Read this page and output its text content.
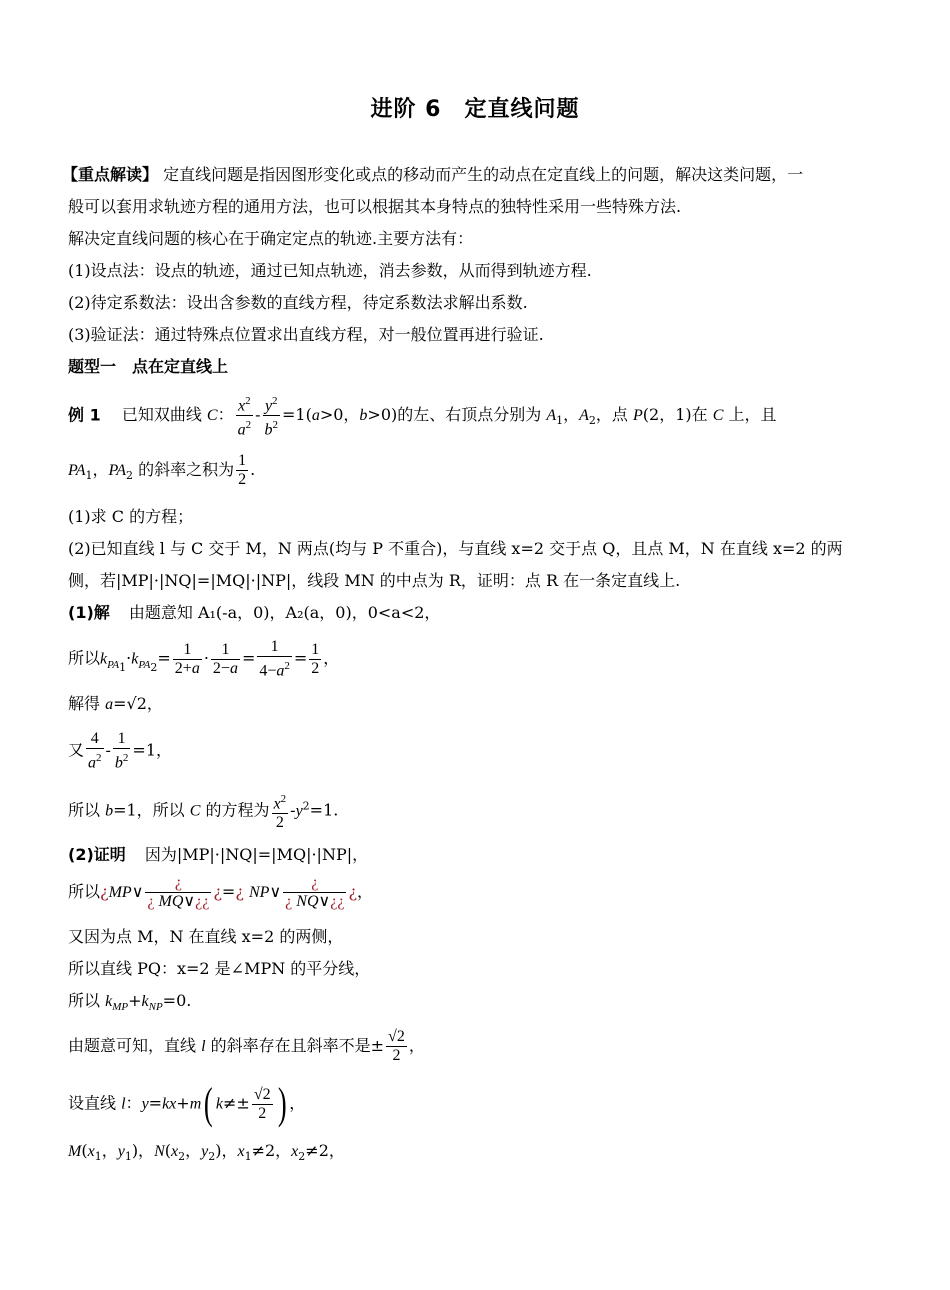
进阶 6　定直线问题
【重点解读】 定直线问题是指因图形变化或点的移动而产生的动点在定直线上的问题，解决这类问题，一
般可以套用求轨迹方程的通用方法，也可以根据其本身特点的独特性采用一些特殊方法.
解决定直线问题的核心在于确定定点的轨迹.主要方法有：
(1)设点法：设点的轨迹，通过已知点轨迹，消去参数，从而得到轨迹方程.
(2)待定系数法：设出含参数的直线方程，待定系数法求解出系数.
(3)验证法：通过特殊点位置求出直线方程，对一般位置再进行验证.
题型一　点在定直线上
例 1 　已知双曲线 C： $\frac{x^2}{a^2} - \frac{y^2}{b^2} =1(a>0$，b>0)的左、右顶点分别为 $A_1$，$A_2$，点 P(2，1)在 C 上，且
$PA_1$，$PA_2$ 的斜率之积为 $\frac{1}{2}$ .
(1)求 C 的方程；
(2)已知直线 l 与 C 交于 M，N 两点(均与 P 不重合)，与直线 x=2 交于点 Q，且点 M，N 在直线 x=2 的两
侧，若|MP|·|NQ|=|MQ|·|NP|，线段 MN 的中点为 R，证明：点 R 在一条定直线上.
(1)解 由题意知 A₁(-a，0)，A₂(a，0)，0<a<2，
所以$k_{PA_1}\cdot k_{PA_2}= \frac{1}{2+a} \cdot \frac{1}{2-a} = \frac{1}{4-a^2} = \frac{1}{2}$ ，
解得 a=√2，
又 $\frac{4}{a^2} - \frac{1}{b^2} =1$，
所以 b=1，所以 C 的方程为 $\frac{x^2}{2} -y^2=1$.
(2)证明 因为|MP|·|NQ|=|MQ|·|NP|，
所以¿MP∨ $\frac{¿}{¿ MQ\vee¿¿}$ ¿=¿ NP∨ $\frac{¿}{¿ NQ\vee¿¿}$ ¿，
又因为点 M，N 在直线 x=2 的两侧，
所以直线 PQ：x=2 是∠MPN 的平分线，
所以 $k_{MP}+k_{NP}=0$.
由题意可知，直线 l 的斜率存在且斜率不是± $\frac{√2}{2}$ ，
设直线 l：y=kx+m( $k\ne\pm \frac{√2}{2}$ ) ，
$M(x_1$，$y_1$)，$N(x_2$，$y_2$)，$x_1\ne 2$，$x_2\ne 2$，
